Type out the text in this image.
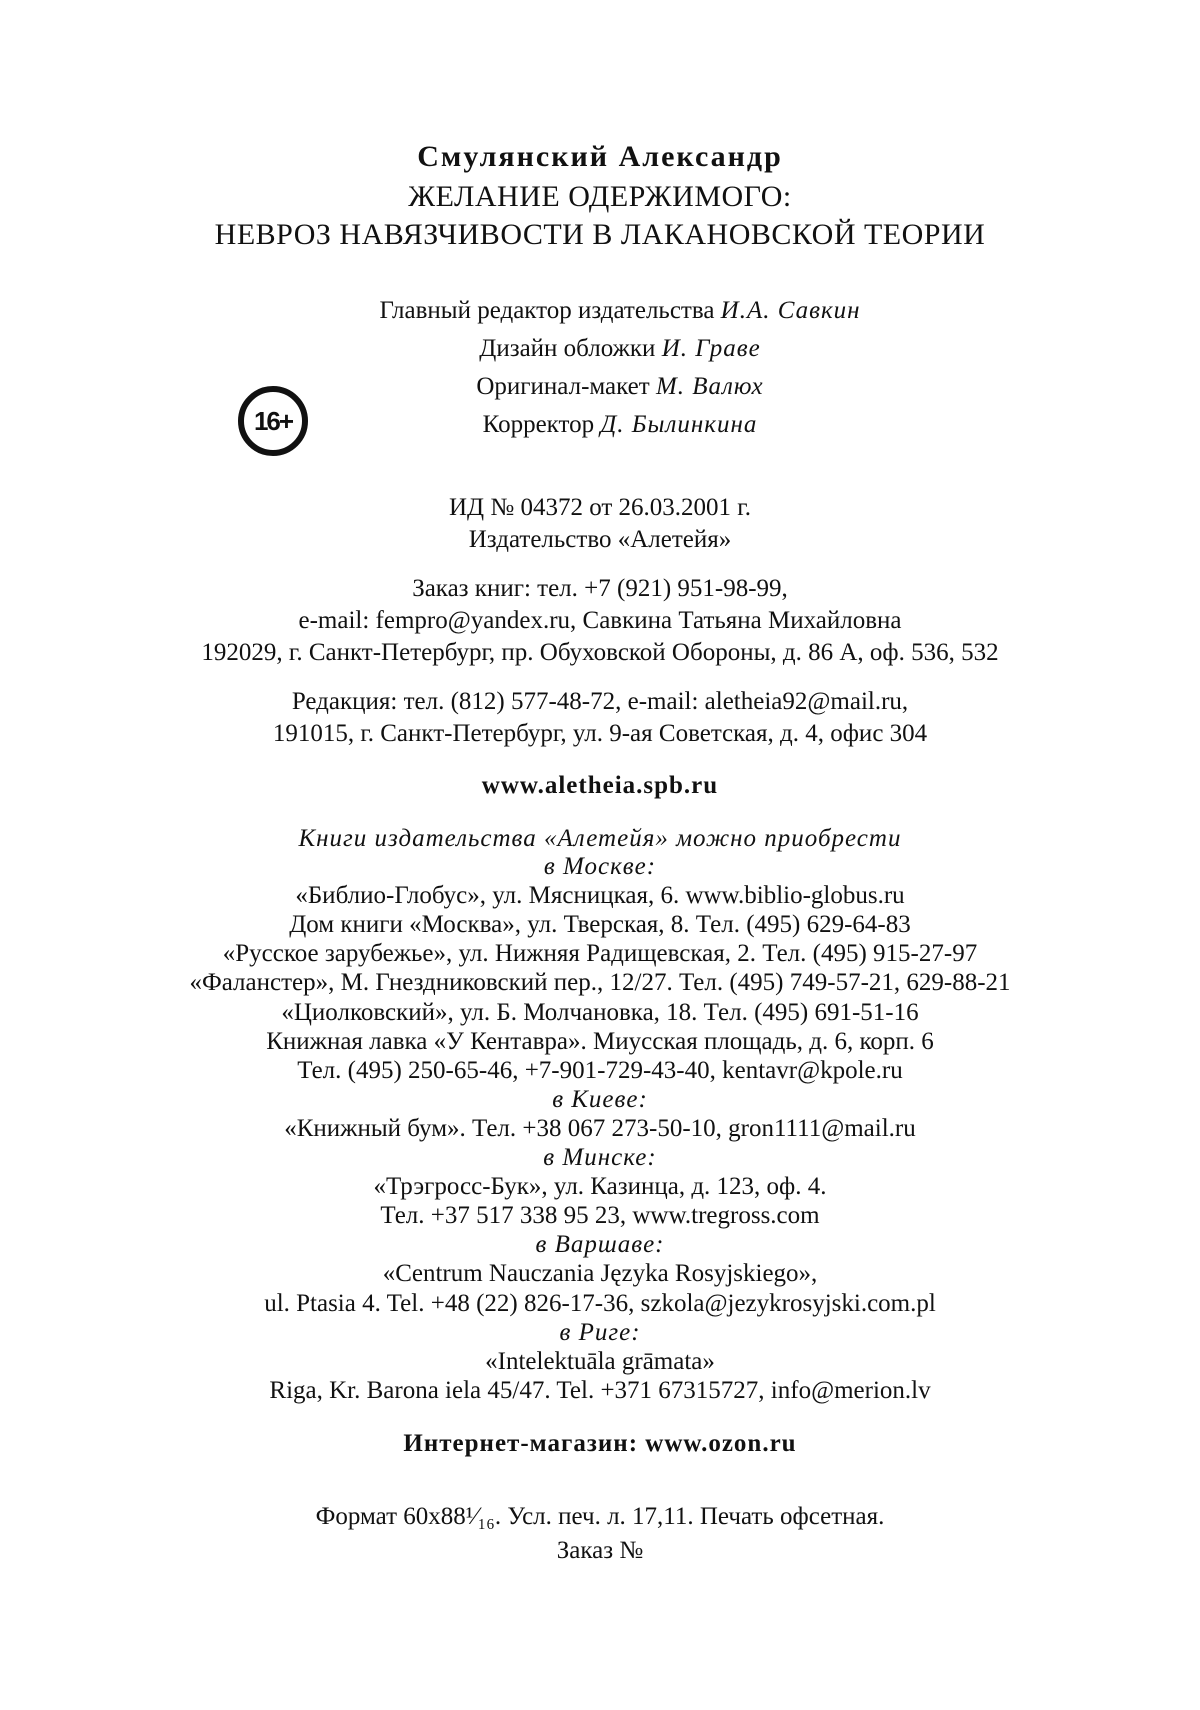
Смулянский Александр
ЖЕЛАНИЕ ОДЕРЖИМОГО:
НЕВРОЗ НАВЯЗЧИВОСТИ В ЛАКАНОВСКОЙ ТЕОРИИ
Главный редактор издательства И.А. Савкин
Дизайн обложки И. Граве
Оригинал-макет М. Валюх
Корректор Д. Былинкина
16+
ИД № 04372 от 26.03.2001 г.
Издательство «Алетейя»
Заказ книг: тел. +7 (921) 951-98-99,
e-mail: fempro@yandex.ru, Савкина Татьяна Михайловна
192029, г. Санкт-Петербург, пр. Обуховской Обороны, д. 86 А, оф. 536, 532
Редакция: тел. (812) 577-48-72, e-mail: aletheia92@mail.ru,
191015, г. Санкт-Петербург, ул. 9-ая Советская, д. 4, офис 304
www.aletheia.spb.ru
Книги издательства «Алетейя» можно приобрести
в Москве:
«Библио-Глобус», ул. Мясницкая, 6. www.biblio-globus.ru
Дом книги «Москва», ул. Тверская, 8. Тел. (495) 629-64-83
«Русское зарубежье», ул. Нижняя Радищевская, 2. Тел. (495) 915-27-97
«Фаланстер», М. Гнездниковский пер., 12/27. Тел. (495) 749-57-21, 629-88-21
«Циолковский», ул. Б. Молчановка, 18. Тел. (495) 691-51-16
Книжная лавка «У Кентавра». Миусская площадь, д. 6, корп. 6
Тел. (495) 250-65-46, +7-901-729-43-40, kentavr@kpole.ru
в Киеве:
«Книжный бум». Тел. +38 067 273-50-10, gron1111@mail.ru
в Минске:
«Трэгросс-Бук», ул. Казинца, д. 123, оф. 4.
Тел. +37 517 338 95 23, www.tregross.com
в Варшаве:
«Centrum Nauczania Języka Rosyjskiego»,
ul. Ptasia 4. Tel. +48 (22) 826-17-36, szkola@jezykrosyjski.com.pl
в Риге:
«Intelektuāla grāmata»
Riga, Kr. Barona iela 45/47. Tel. +371 67315727, info@merion.lv
Интернет-магазин: www.ozon.ru
Формат 60x88¹⁄₁₆. Усл. печ. л. 17,11. Печать офсетная.
Заказ №
